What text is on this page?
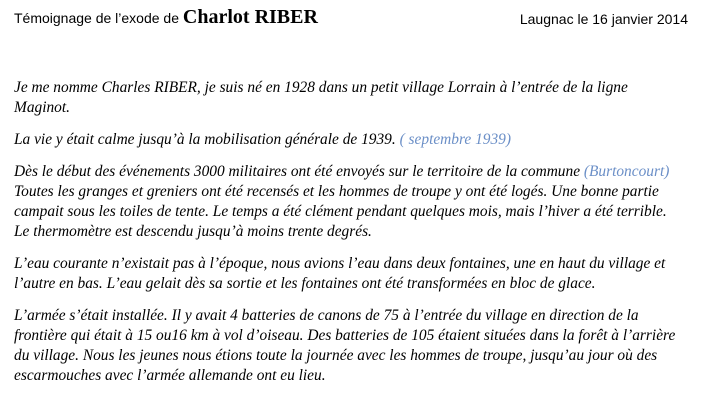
Témoignage de l’exode de Charlot RIBER	Laugnac le 16 janvier 2014
Je me nomme Charles RIBER, je suis né en 1928 dans un petit village Lorrain à l’entrée de la ligne
Maginot.
La vie y était calme jusqu’à la mobilisation générale de 1939. ( septembre 1939)
Dès le début des événements 3000 militaires ont été envoyés sur le territoire de la commune (Burtoncourt)
Toutes les granges et greniers ont été recensés et les hommes de troupe y ont été logés. Une bonne partie
campait sous les toiles de tente. Le temps a été clément pendant quelques mois, mais l’hiver a été terrible.
Le thermomètre est descendu jusqu’à moins trente degrés.
L’eau courante n’existait pas à l’époque, nous avions l’eau dans deux fontaines, une en haut du village et
l’autre en bas. L’eau gelait dès sa sortie et les fontaines ont été transformées en bloc de glace.
L’armée s’était installée. Il y avait 4 batteries de canons de 75 à l’entrée du village en direction de la
frontière qui était à 15 ou16 km à vol d’oiseau. Des batteries de 105 étaient situées dans la forêt à l’arrière
du village. Nous les jeunes nous étions toute la journée avec les hommes de troupe, jusqu’au jour où des
escarmouches avec l’armée allemande ont eu lieu.
